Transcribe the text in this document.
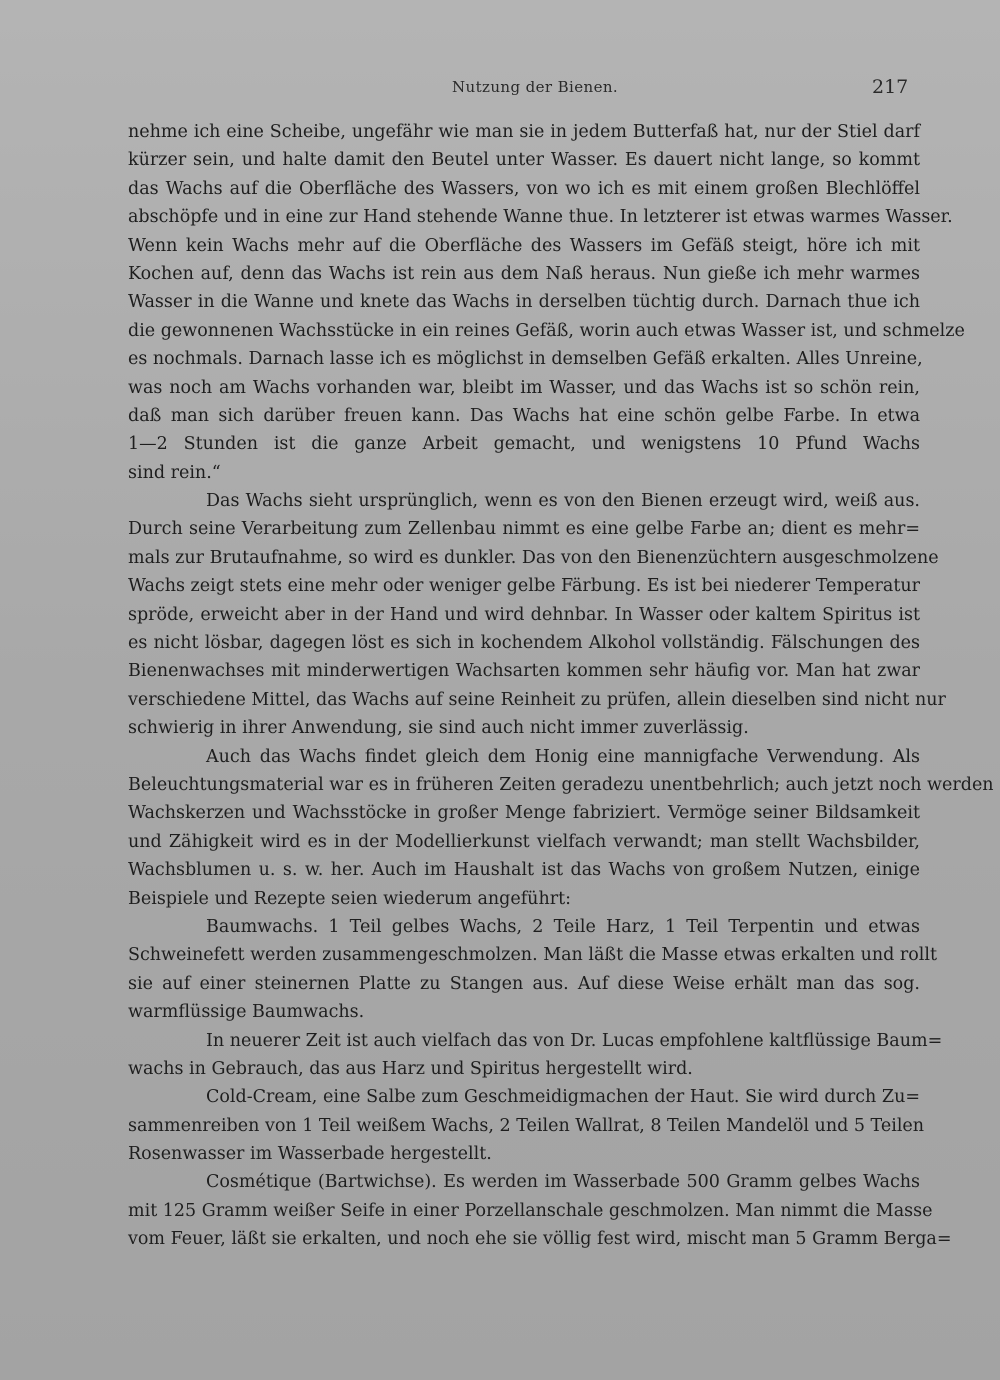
Nutzung der Bienen.	217
nehme ich eine Scheibe, ungefähr wie man sie in jedem Butterfaß hat, nur der Stiel darf
kürzer sein, und halte damit den Beutel unter Wasser. Es dauert nicht lange, so kommt
das Wachs auf die Oberfläche des Wassers, von wo ich es mit einem großen Blechlöffel
abschöpfe und in eine zur Hand stehende Wanne thue. In letzterer ist etwas warmes Wasser.
Wenn kein Wachs mehr auf die Oberfläche des Wassers im Gefäß steigt, höre ich mit
Kochen auf, denn das Wachs ist rein aus dem Naß heraus. Nun gieße ich mehr warmes
Wasser in die Wanne und knete das Wachs in derselben tüchtig durch. Darnach thue ich
die gewonnenen Wachsstücke in ein reines Gefäß, worin auch etwas Wasser ist, und schmelze
es nochmals. Darnach lasse ich es möglichst in demselben Gefäß erkalten. Alles Unreine,
was noch am Wachs vorhanden war, bleibt im Wasser, und das Wachs ist so schön rein,
daß man sich darüber freuen kann. Das Wachs hat eine schön gelbe Farbe. In etwa
1—2 Stunden ist die ganze Arbeit gemacht, und wenigstens 10 Pfund Wachs
sind rein.“
Das Wachs sieht ursprünglich, wenn es von den Bienen erzeugt wird, weiß aus.
Durch seine Verarbeitung zum Zellenbau nimmt es eine gelbe Farbe an; dient es mehr=
mals zur Brutaufnahme, so wird es dunkler. Das von den Bienenzüchtern ausgeschmolzene
Wachs zeigt stets eine mehr oder weniger gelbe Färbung. Es ist bei niederer Temperatur
spröde, erweicht aber in der Hand und wird dehnbar. In Wasser oder kaltem Spiritus ist
es nicht lösbar, dagegen löst es sich in kochendem Alkohol vollständig. Fälschungen des
Bienenwachses mit minderwertigen Wachsarten kommen sehr häufig vor. Man hat zwar
verschiedene Mittel, das Wachs auf seine Reinheit zu prüfen, allein dieselben sind nicht nur
schwierig in ihrer Anwendung, sie sind auch nicht immer zuverlässig.
Auch das Wachs findet gleich dem Honig eine mannigfache Verwendung. Als
Beleuchtungsmaterial war es in früheren Zeiten geradezu unentbehrlich; auch jetzt noch werden
Wachskerzen und Wachsstöcke in großer Menge fabriziert. Vermöge seiner Bildsamkeit
und Zähigkeit wird es in der Modellierkunst vielfach verwandt; man stellt Wachsbilder,
Wachsblumen u. s. w. her. Auch im Haushalt ist das Wachs von großem Nutzen, einige
Beispiele und Rezepte seien wiederum angeführt:
Baumwachs. 1 Teil gelbes Wachs, 2 Teile Harz, 1 Teil Terpentin und etwas
Schweinefett werden zusammengeschmolzen. Man läßt die Masse etwas erkalten und rollt
sie auf einer steinernen Platte zu Stangen aus. Auf diese Weise erhält man das sog.
warmflüssige Baumwachs.
In neuerer Zeit ist auch vielfach das von Dr. Lucas empfohlene kaltflüssige Baum=
wachs in Gebrauch, das aus Harz und Spiritus hergestellt wird.
Cold-Cream, eine Salbe zum Geschmeidigmachen der Haut. Sie wird durch Zu=
sammenreiben von 1 Teil weißem Wachs, 2 Teilen Wallrat, 8 Teilen Mandelöl und 5 Teilen
Rosenwasser im Wasserbade hergestellt.
Cosmétique (Bartwichse). Es werden im Wasserbade 500 Gramm gelbes Wachs
mit 125 Gramm weißer Seife in einer Porzellanschale geschmolzen. Man nimmt die Masse
vom Feuer, läßt sie erkalten, und noch ehe sie völlig fest wird, mischt man 5 Gramm Berga=
